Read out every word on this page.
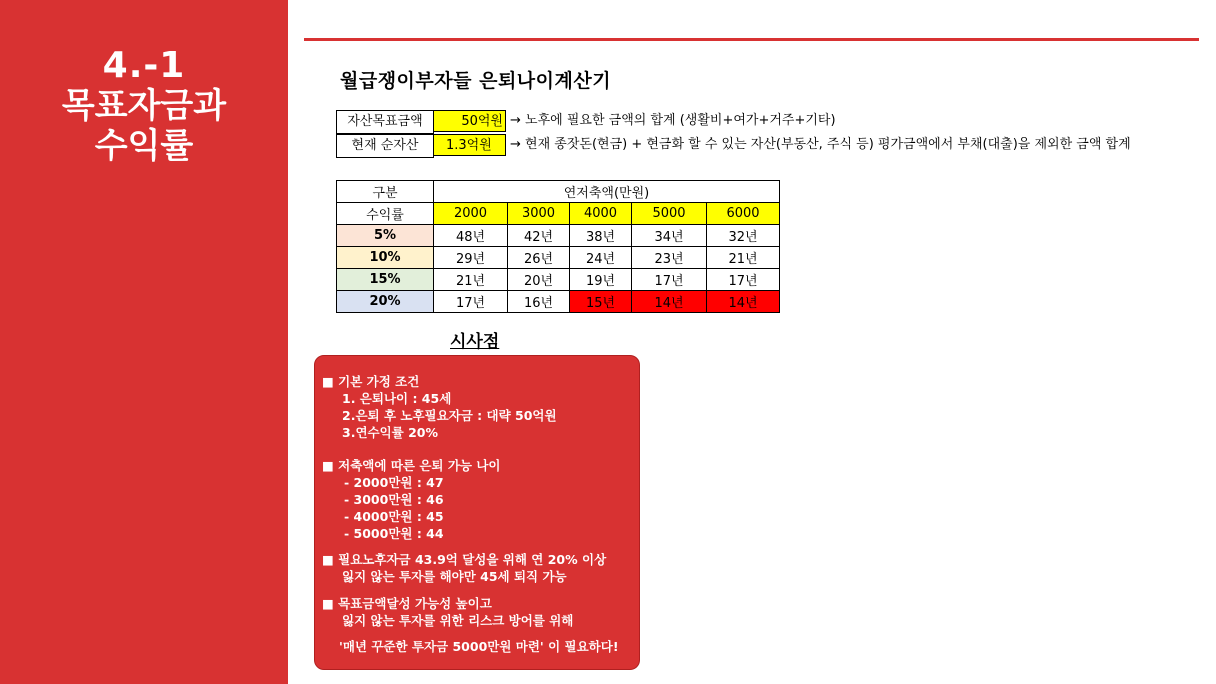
4.-1
목표자금과
수익률
월급쟁이부자들 은퇴나이계산기
자산목표금액	50억원 → 노후에 필요한 금액의 합계 (생활비+여가+거주+기타)
현재 순자산	1.3억원	→ 현재 종잣돈(현금) + 현금화 할 수 있는 자산(부동산, 주식 등) 평가금액에서 부채(대출)을 제외한 금액 합계
구분	연저축액(만원)				
수익률	2000	3000	4000	5000	6000
5%	48년	42년	38년	34년	32년
10%	29년	26년	24년	23년	21년
15%	21년	20년	19년	17년	17년
20%	17년	16년	15년	14년	14년
시사점
■ 기본 가정 조건
1. 은퇴나이 : 45세
2.은퇴 후 노후필요자금 : 대략 50억원
3.연수익률 20%
■ 저축액에 따른 은퇴 가능 나이
- 2000만원 : 47
- 3000만원 : 46
- 4000만원 : 45
- 5000만원 : 44
■ 필요노후자금 43.9억 달성을 위해 연 20% 이상
잃지 않는 투자를 해야만 45세 퇴직 가능
■ 목표금액달성 가능성 높이고
잃지 않는 투자를 위한 리스크 방어를 위해
'매년 꾸준한 투자금 5000만원 마련' 이 필요하다!
